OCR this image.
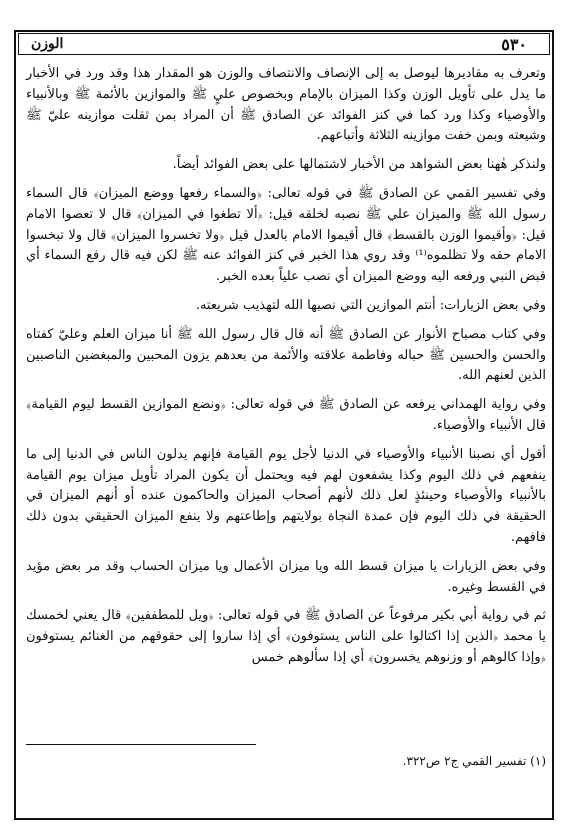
الوزن	٥٣٠

وتعرف به مقاديرها ليوصل به إلى الإنصاف والانتصاف والوزن هو المقدار هذا وقد ورد في الأخبار ما يدل على تأويل الوزن وكذا الميزان بالإمام وبخصوص عليٍ ﷺ والموازين بالأئمة ﷺ وبالأنبياء والأوصياء وكذا ورد كما في كنز الفوائد عن الصادق ﷺ أن المراد بمن ثقلت موازينه عليّ ﷺ وشيعته وبمن خفت موازينه الثلاثة وأتباعهم.

ولنذكر هٰهنا بعض الشواهد من الأخبار لاشتمالها على بعض الفوائد أيضاً.

وفي تفسير القمي عن الصادق ﷺ في قوله تعالى: ﴿والسماء رفعها ووضع الميزان﴾ قال السماء رسول الله ﷺ والميزان علي ﷺ نصبه لخلقه قيل: ﴿ألا تطغوا في الميزان﴾ قال لا تعصوا الامام قيل: ﴿وأقيموا الوزن بالقسط﴾ قال أقيموا الامام بالعدل قيل ﴿ولا تخسروا الميزان﴾ قال ولا تبخسوا الامام حقه ولا تظلموه⁽¹⁾ وقد روي هذا الخبر في كنز الفوائد عنه ﷺ لكن فيه قال رفع السماء أي قبض النبي ورفعه اليه ووضع الميزان أي نصب علياً بعده الخبر.

وفي بعض الزيارات: أنتم الموازين التي نصبها الله لتهذيب شريعته.

وفي كتاب مصباح الأنوار عن الصادق ﷺ أنه قال قال رسول الله ﷺ أنا ميزان العلم وعليّ كفتاه والحسن والحسين ﷺ حباله وفاطمة علاقته والأئمة من بعدهم يزون المحبين والمبغضين الناصبين الذين لعنهم الله.

وفي رواية الهمداني يرفعه عن الصادق ﷺ في قوله تعالى: ﴿ونضع الموازين القسط ليوم القيامة﴾ قال الأنبياء والأوصياء.

أقول أي نصبنا الأنبياء والأوصياء في الدنيا لأجل يوم القيامة فإنهم يدلون الناس في الدنيا إلى ما ينفعهم في ذلك اليوم وكذا يشفعون لهم فيه ويحتمل أن يكون المراد تأويل ميزان يوم القيامة بالأنبياء والأوصياء وحينئذٍ لعل ذلك لأنهم أصحاب الميزان والحاكمون عنده أو أنهم الميزان في الحقيقة في ذلك اليوم فإن عمدة النجاة بولايتهم وإطاعتهم ولا ينفع الميزان الحقيقي بدون ذلك فافهم.

وفي بعض الزيارات يا ميزان قسط الله ويا ميزان الأعمال ويا ميزان الحساب وقد مر بعض مؤيد في القسط وغيره.

ثم في رواية أبي بكير مرفوعاً عن الصادق ﷺ في قوله تعالى: ﴿ويل للمطففين﴾ قال يعني لخمسك يا محمد ﴿الذين إذا اكتالوا على الناس يستوفون﴾ أي إذا ساروا إلى حقوقهم من الغنائم يستوفون ﴿وإذا كالوهم أو وزنوهم يخسرون﴾ أي إذا سألوهم خمس

(١) تفسير القمي ج٢ ص٣٢٢.
